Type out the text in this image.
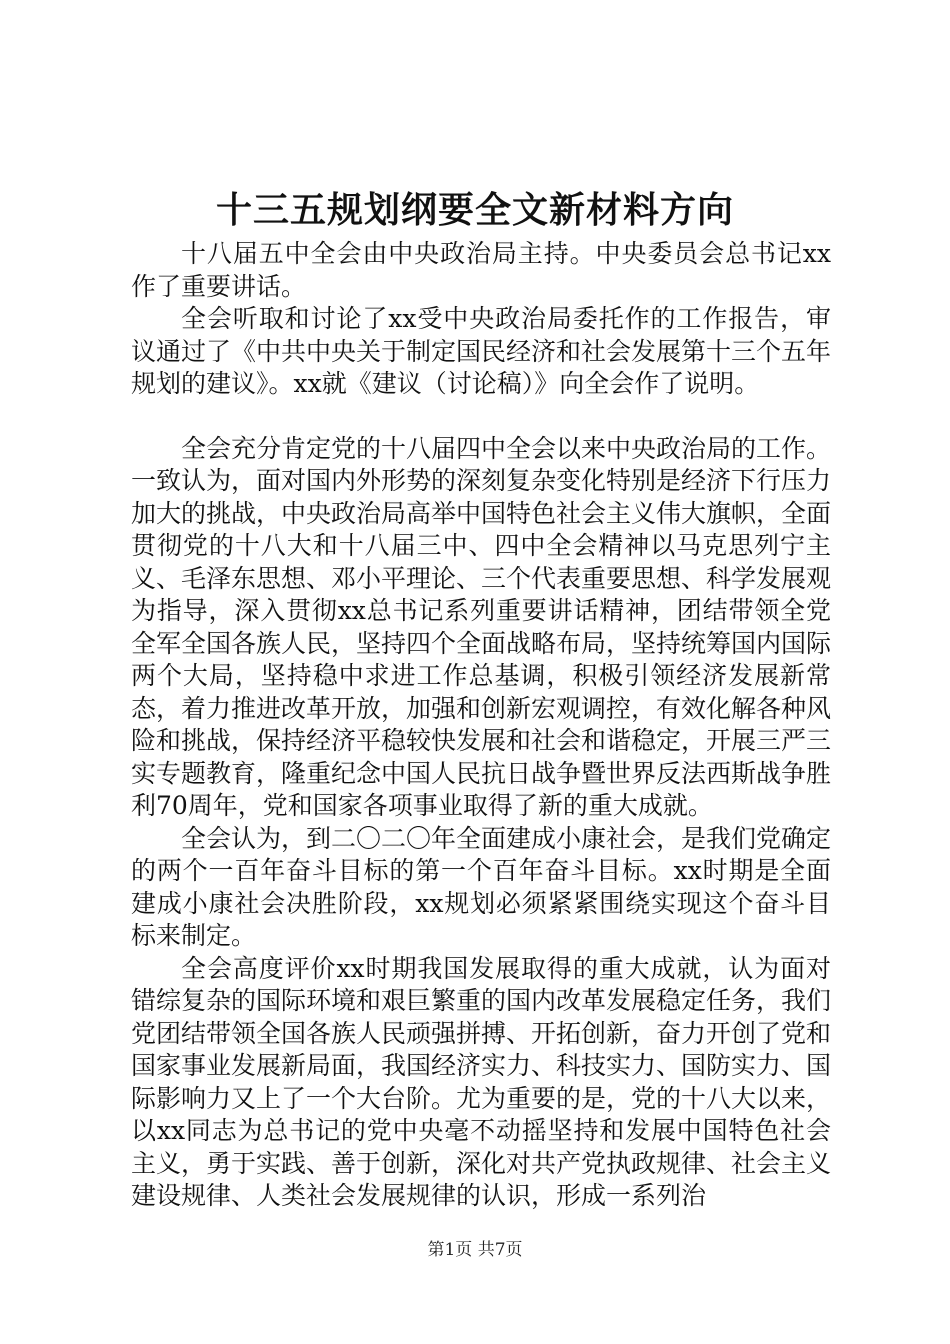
十三五规划纲要全文新材料方向

十八届五中全会由中央政治局主持。中央委员会总书记xx作了重要讲话。

全会听取和讨论了xx受中央政治局委托作的工作报告，审议通过了《中共中央关于制定国民经济和社会发展第十三个五年规划的建议》。xx就《建议（讨论稿）》向全会作了说明。

全会充分肯定党的十八届四中全会以来中央政治局的工作。一致认为，面对国内外形势的深刻复杂变化特别是经济下行压力加大的挑战，中央政治局高举中国特色社会主义伟大旗帜，全面贯彻党的十八大和十八届三中、四中全会精神以马克思列宁主义、毛泽东思想、邓小平理论、三个代表重要思想、科学发展观为指导，深入贯彻xx总书记系列重要讲话精神，团结带领全党全军全国各族人民，坚持四个全面战略布局，坚持统筹国内国际两个大局，坚持稳中求进工作总基调，积极引领经济发展新常态，着力推进改革开放，加强和创新宏观调控，有效化解各种风险和挑战，保持经济平稳较快发展和社会和谐稳定，开展三严三实专题教育，隆重纪念中国人民抗日战争暨世界反法西斯战争胜利70周年，党和国家各项事业取得了新的重大成就。

全会认为，到二〇二〇年全面建成小康社会，是我们党确定的两个一百年奋斗目标的第一个百年奋斗目标。xx时期是全面建成小康社会决胜阶段，xx规划必须紧紧围绕实现这个奋斗目标来制定。

全会高度评价xx时期我国发展取得的重大成就，认为面对错综复杂的国际环境和艰巨繁重的国内改革发展稳定任务，我们党团结带领全国各族人民顽强拼搏、开拓创新，奋力开创了党和国家事业发展新局面，我国经济实力、科技实力、国防实力、国际影响力又上了一个大台阶。尤为重要的是，党的十八大以来，以xx同志为总书记的党中央毫不动摇坚持和发展中国特色社会主义，勇于实践、善于创新，深化对共产党执政规律、社会主义建设规律、人类社会发展规律的认识，形成一系列治

第1页 共7页
